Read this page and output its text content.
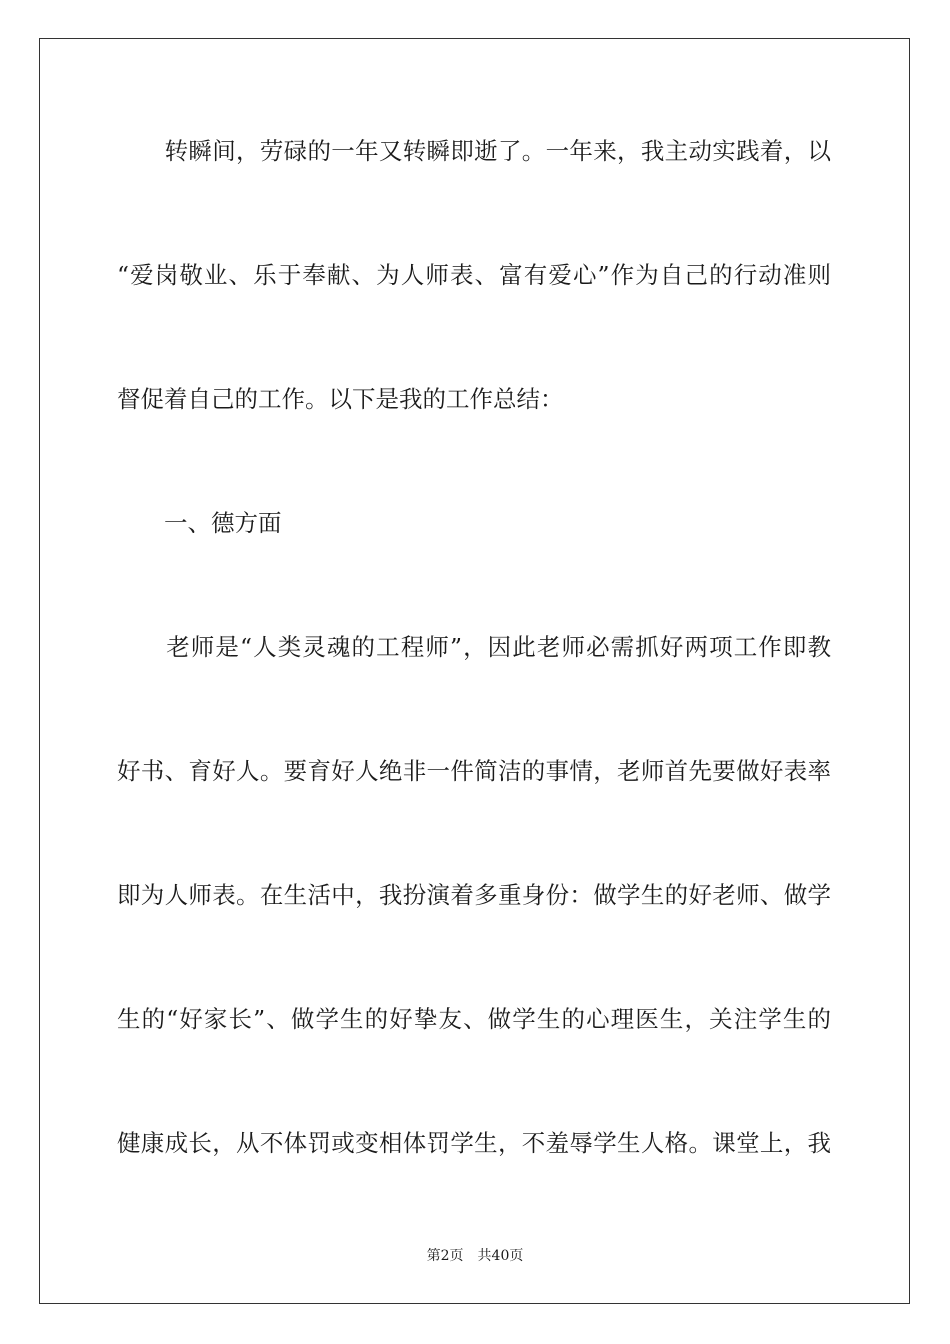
　　转瞬间，劳碌的一年又转瞬即逝了。一年来，我主动实践着，以
“爱岗敬业、乐于奉献、为人师表、富有爱心”作为自己的行动准则
督促着自己的工作。以下是我的工作总结：
　　一、德方面
　　老师是“人类灵魂的工程师”，因此老师必需抓好两项工作即教
好书、育好人。要育好人绝非一件简洁的事情，老师首先要做好表率
即为人师表。在生活中，我扮演着多重身份：做学生的好老师、做学
生的“好家长”、做学生的好挚友、做学生的心理医生，关注学生的
健康成长，从不体罚或变相体罚学生，不羞辱学生人格。课堂上，我
第2页　共40页
